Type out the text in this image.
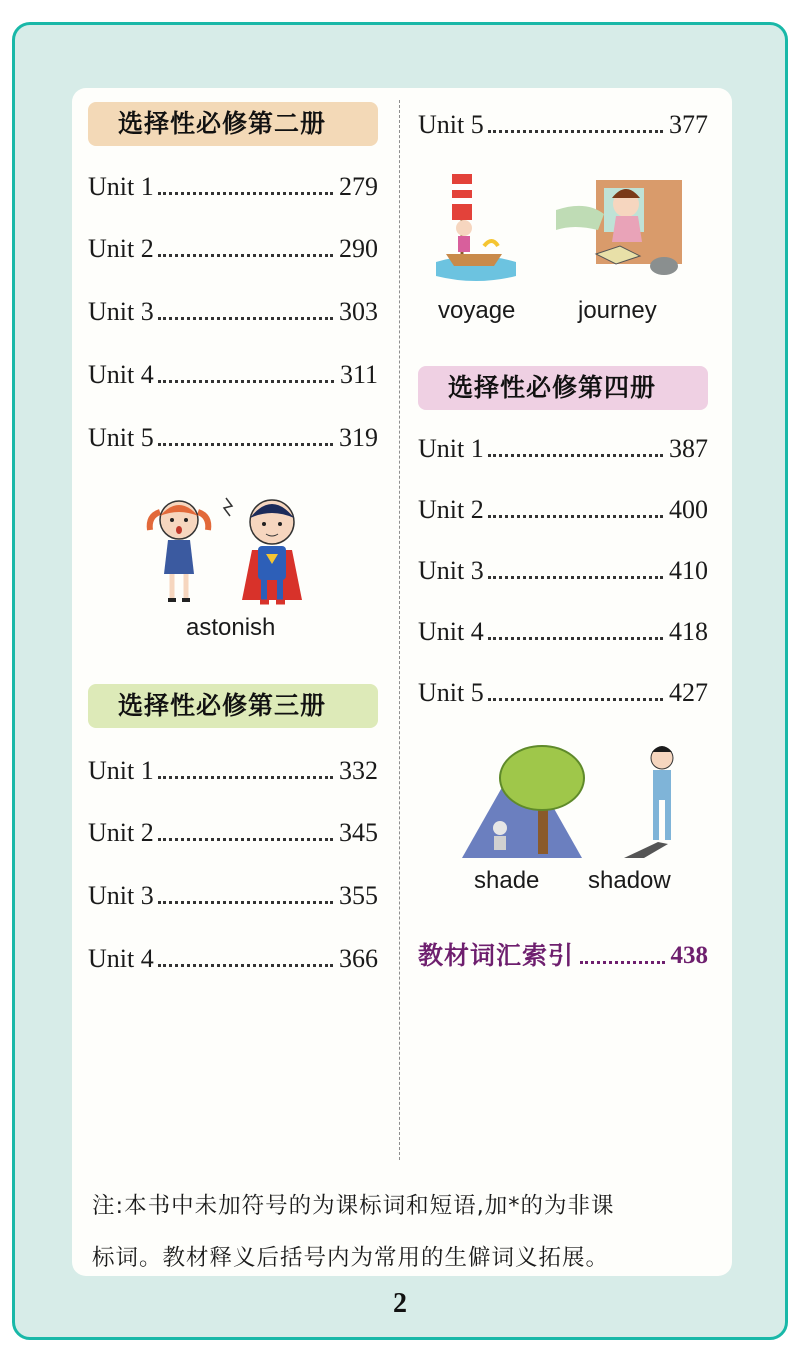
选择性必修第二册
Unit 1	279
Unit 2	290
Unit 3	303
Unit 4	311
Unit 5	319
astonish
选择性必修第三册
Unit 1	332
Unit 2	345
Unit 3	355
Unit 4	366
Unit 5	377
voyage	journey
选择性必修第四册
Unit 1	387
Unit 2	400
Unit 3	410
Unit 4	418
Unit 5	427
shade shadow
教材词汇索引	438
注:本书中未加符号的为课标词和短语,加*的为非课
标词。教材释义后括号内为常用的生僻词义拓展。
2
